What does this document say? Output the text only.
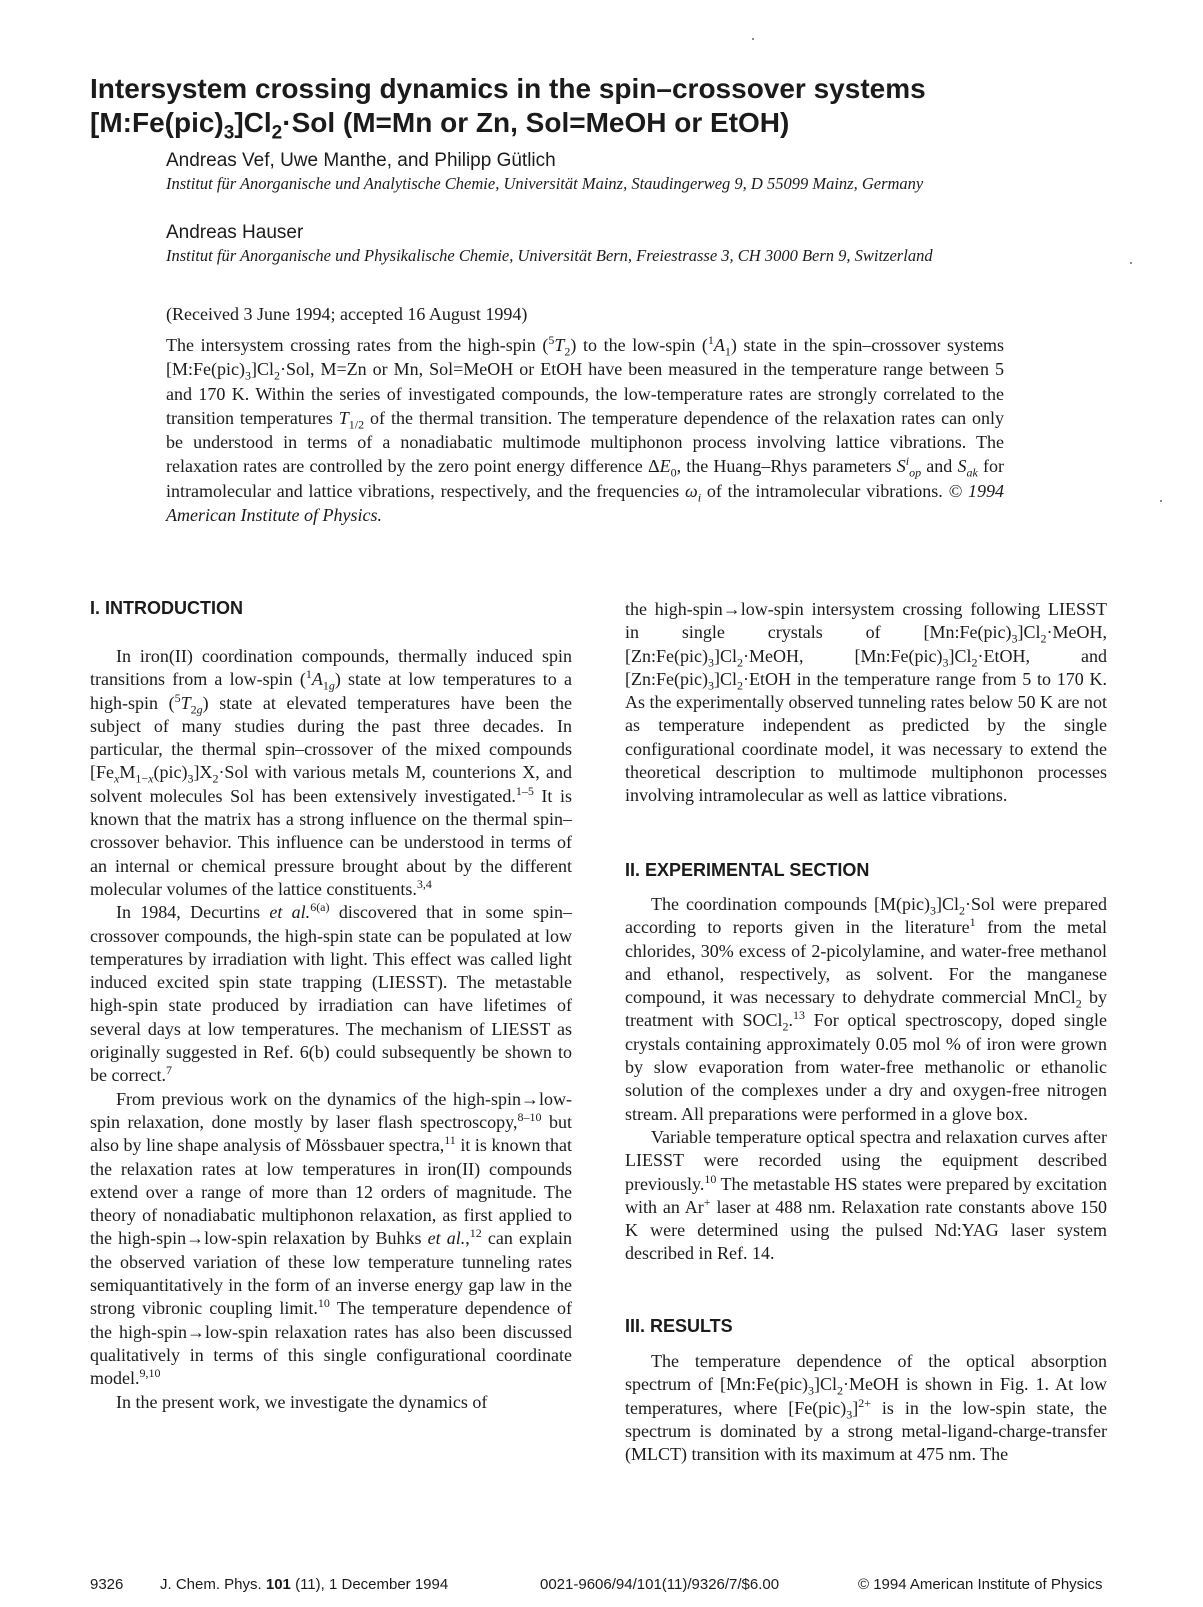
Intersystem crossing dynamics in the spin–crossover systems
$[M:Fe(pic)_3]Cl_2\cdot Sol$ (M=Mn or Zn, Sol=MeOH or EtOH)
Andreas Vef, Uwe Manthe, and Philipp Gütlich
Institut für Anorganische und Analytische Chemie, Universität Mainz, Staudingerweg 9, D 55099 Mainz, Germany
Andreas Hauser
Institut für Anorganische und Physikalische Chemie, Universität Bern, Freiestrasse 3, CH 3000 Bern 9, Switzerland
(Received 3 June 1994; accepted 16 August 1994)

The intersystem crossing rates from the high-spin $(^5T_2)$ to the low-spin $(^1A_1)$ state in the spin–crossover systems $[M:Fe(pic)_3]Cl_2\cdot Sol$, M=Zn or Mn, Sol=MeOH or EtOH have been measured in the temperature range between 5 and 170 K. Within the series of investigated compounds, the low-temperature rates are strongly correlated to the transition temperatures $T_{1/2}$ of the thermal transition. The temperature dependence of the relaxation rates can only be understood in terms of a nonadiabatic multimode multiphonon process involving lattice vibrations. The relaxation rates are controlled by the zero point energy difference $\Delta E_0$, the Huang–Rhys parameters $S^i_{op}$ and $S_{ak}$ for intramolecular and lattice vibrations, respectively, and the frequencies $\omega_i$ of the intramolecular vibrations. © 1994 American Institute of Physics.

I. INTRODUCTION

In iron(II) coordination compounds, thermally induced spin transitions from a low-spin $(^1A_{1g})$ state at low temperatures to a high-spin $(^5T_{2g})$ state at elevated temperatures have been the subject of many studies during the past three decades. In particular, the thermal spin–crossover of the mixed compounds $[Fe_xM_{1-x}(pic)_3]X_2\cdot Sol$ with various metals M, counterions X, and solvent molecules Sol has been extensively investigated.$^{1-5}$ It is known that the matrix has a strong influence on the thermal spin–crossover behavior. This influence can be understood in terms of an internal or chemical pressure brought about by the different molecular volumes of the lattice constituents.$^{3,4}$

In 1984, Decurtins et al.$^{6(a)}$ discovered that in some spin–crossover compounds, the high-spin state can be populated at low temperatures by irradiation with light. This effect was called light induced excited spin state trapping (LIESST). The metastable high-spin state produced by irradiation can have lifetimes of several days at low temperatures. The mechanism of LIESST as originally suggested in Ref. 6(b) could subsequently be shown to be correct.$^7$

From previous work on the dynamics of the high-spin→low-spin relaxation, done mostly by laser flash spectroscopy,$^{8-10}$ but also by line shape analysis of Mössbauer spectra,$^{11}$ it is known that the relaxation rates at low temperatures in iron(II) compounds extend over a range of more than 12 orders of magnitude. The theory of nonadiabatic multiphonon relaxation, as first applied to the high-spin→low-spin relaxation by Buhks et al.,$^{12}$ can explain the observed variation of these low temperature tunneling rates semiquantitatively in the form of an inverse energy gap law in the strong vibronic coupling limit.$^{10}$ The temperature dependence of the high-spin→low-spin relaxation rates has also been discussed qualitatively in terms of this single configurational coordinate model.$^{9,10}$

In the present work, we investigate the dynamics of

the high-spin→low-spin intersystem crossing following LIESST in single crystals of $[Mn:Fe(pic)_3]Cl_2\cdot MeOH$, $[Zn:Fe(pic)_3]Cl_2\cdot MeOH$, $[Mn:Fe(pic)_3]Cl_2\cdot EtOH$, and $[Zn:Fe(pic)_3]Cl_2\cdot EtOH$ in the temperature range from 5 to 170 K. As the experimentally observed tunneling rates below 50 K are not as temperature independent as predicted by the single configurational coordinate model, it was necessary to extend the theoretical description to multimode multiphonon processes involving intramolecular as well as lattice vibrations.

II. EXPERIMENTAL SECTION

The coordination compounds $[M(pic)_3]Cl_2\cdot Sol$ were prepared according to reports given in the literature$^1$ from the metal chlorides, 30% excess of 2-picolylamine, and water-free methanol and ethanol, respectively, as solvent. For the manganese compound, it was necessary to dehydrate commercial MnCl$_2$ by treatment with SOCl$_2$.$^{13}$ For optical spectroscopy, doped single crystals containing approximately 0.05 mol % of iron were grown by slow evaporation from water-free methanolic or ethanolic solution of the complexes under a dry and oxygen-free nitrogen stream. All preparations were performed in a glove box.

Variable temperature optical spectra and relaxation curves after LIESST were recorded using the equipment described previously.$^{10}$ The metastable HS states were prepared by excitation with an Ar+ laser at 488 nm. Relaxation rate constants above 150 K were determined using the pulsed Nd:YAG laser system described in Ref. 14.

III. RESULTS

The temperature dependence of the optical absorption spectrum of $[Mn:Fe(pic)_3]Cl_2\cdot MeOH$ is shown in Fig. 1. At low temperatures, where $[Fe(pic)_3]^{2+}$ is in the low-spin state, the spectrum is dominated by a strong metal-ligand-charge-transfer (MLCT) transition with its maximum at 475 nm. The

9326 J. Chem. Phys. 101 (11), 1 December 1994	0021-9606/94/101(11)/9326/7/$6.00	© 1994 American Institute of Physics
